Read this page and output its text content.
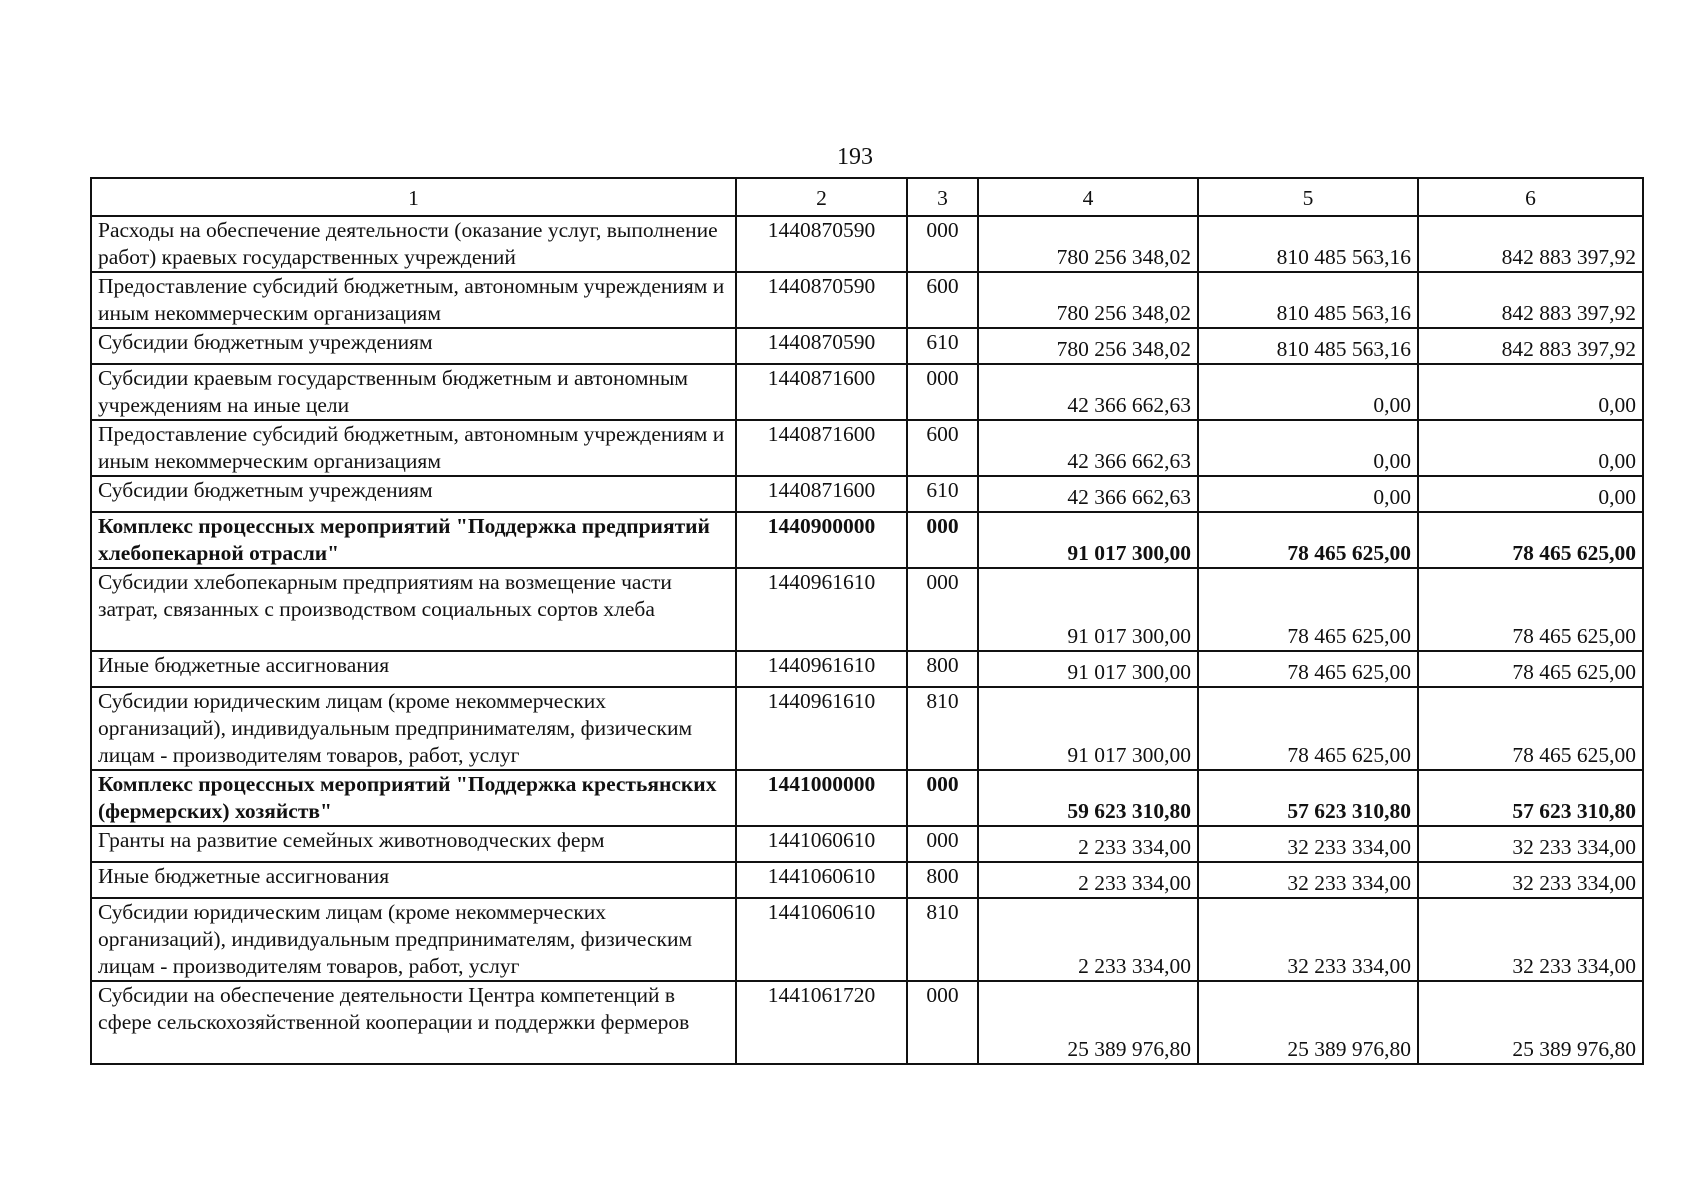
193
1	2	3	4	5	6
Расходы на обеспечение деятельности (оказание услуг, выполнение работ) краевых государственных учреждений	1440870590	000	780 256 348,02	810 485 563,16	842 883 397,92
Предоставление субсидий бюджетным, автономным учреждениям и иным некоммерческим организациям	1440870590	600	780 256 348,02	810 485 563,16	842 883 397,92
Субсидии бюджетным учреждениям	1440870590	610	780 256 348,02	810 485 563,16	842 883 397,92
Субсидии краевым государственным бюджетным и автономным учреждениям на иные цели	1440871600	000	42 366 662,63	0,00	0,00
Предоставление субсидий бюджетным, автономным учреждениям и иным некоммерческим организациям	1440871600	600	42 366 662,63	0,00	0,00
Субсидии бюджетным учреждениям	1440871600	610	42 366 662,63	0,00	0,00
Комплекс процессных мероприятий "Поддержка предприятий хлебопекарной отрасли"	1440900000	000	91 017 300,00	78 465 625,00	78 465 625,00
Субсидии хлебопекарным предприятиям на возмещение части затрат, связанных с производством социальных сортов хлеба	1440961610	000	91 017 300,00	78 465 625,00	78 465 625,00
Иные бюджетные ассигнования	1440961610	800	91 017 300,00	78 465 625,00	78 465 625,00
Субсидии юридическим лицам (кроме некоммерческих организаций), индивидуальным предпринимателям, физическим лицам - производителям товаров, работ, услуг	1440961610	810	91 017 300,00	78 465 625,00	78 465 625,00
Комплекс процессных мероприятий "Поддержка крестьянских (фермерских) хозяйств"	1441000000	000	59 623 310,80	57 623 310,80	57 623 310,80
Гранты на развитие семейных животноводческих ферм	1441060610	000	2 233 334,00	32 233 334,00	32 233 334,00
Иные бюджетные ассигнования	1441060610	800	2 233 334,00	32 233 334,00	32 233 334,00
Субсидии юридическим лицам (кроме некоммерческих организаций), индивидуальным предпринимателям, физическим лицам - производителям товаров, работ, услуг	1441060610	810	2 233 334,00	32 233 334,00	32 233 334,00
Субсидии на обеспечение деятельности Центра компетенций в сфере сельскохозяйственной кооперации и поддержки фермеров	1441061720	000	25 389 976,80	25 389 976,80	25 389 976,80
